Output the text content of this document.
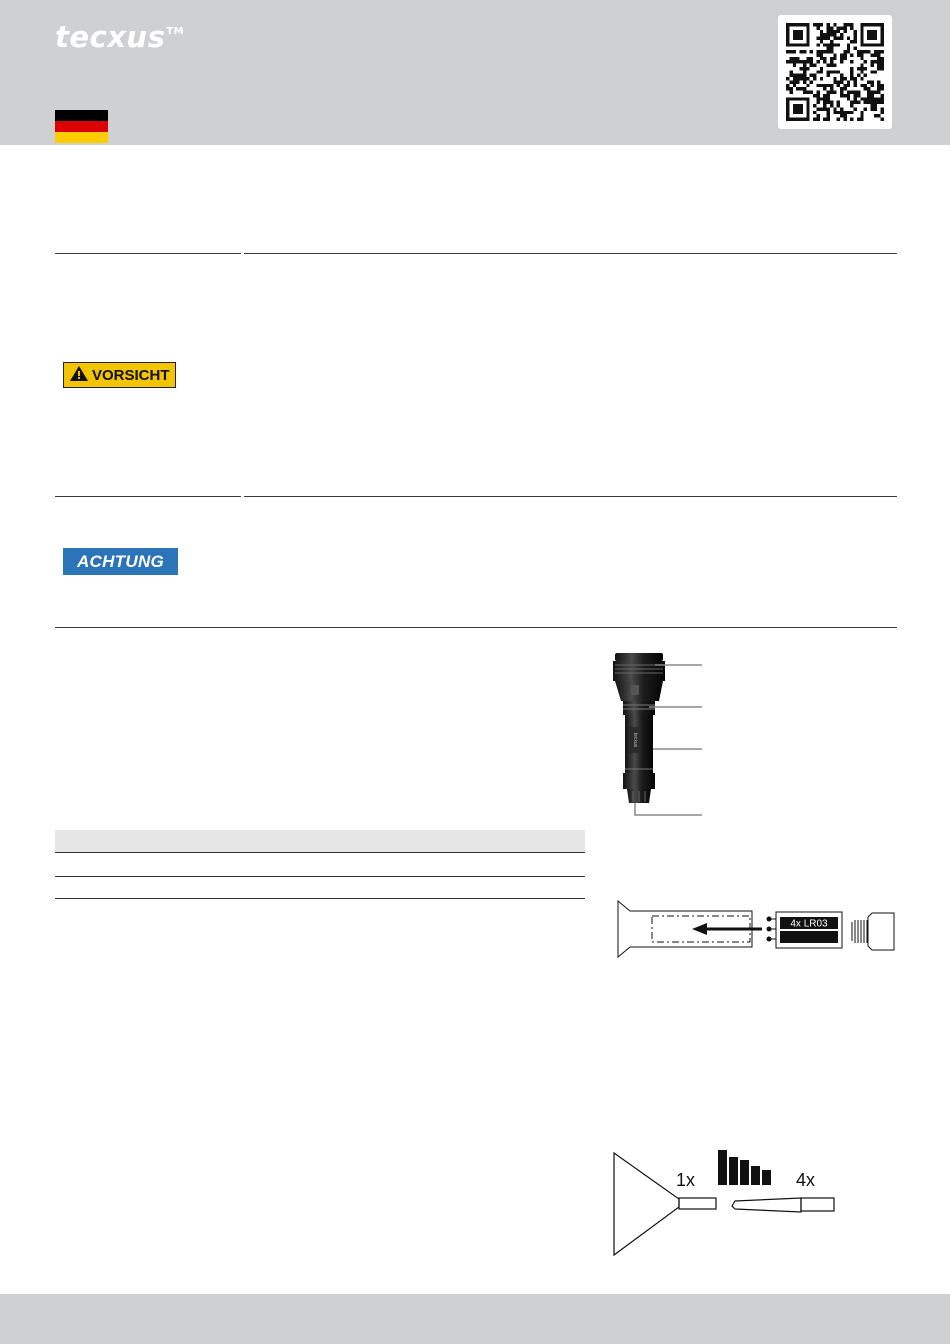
tecxus™
VORSICHT
ACHTUNG
tecxus
4x LR03
1x	4x
